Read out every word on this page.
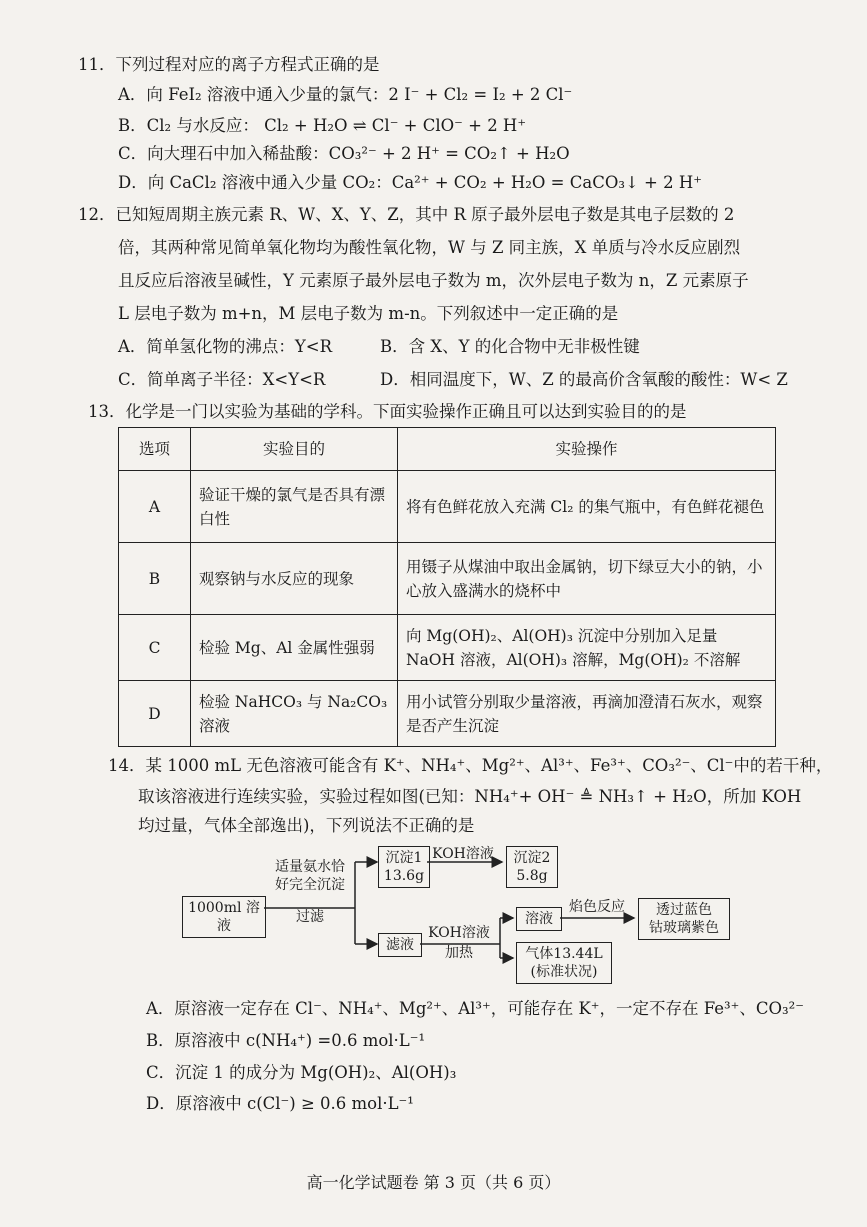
11．下列过程对应的离子方程式正确的是
A．向 FeI₂ 溶液中通入少量的氯气：2 I⁻ + Cl₂ = I₂ + 2 Cl⁻
B．Cl₂ 与水反应： Cl₂ + H₂O ⇌ Cl⁻ + ClO⁻ + 2 H⁺
C．向大理石中加入稀盐酸：CO₃²⁻ + 2 H⁺ = CO₂↑ + H₂O
D．向 CaCl₂ 溶液中通入少量 CO₂：Ca²⁺ + CO₂ + H₂O = CaCO₃↓ + 2 H⁺
12．已知短周期主族元素 R、W、X、Y、Z，其中 R 原子最外层电子数是其电子层数的 2
倍，其两种常见简单氧化物均为酸性氧化物，W 与 Z 同主族，X 单质与冷水反应剧烈
且反应后溶液呈碱性，Y 元素原子最外层电子数为 m，次外层电子数为 n，Z 元素原子
L 层电子数为 m+n，M 层电子数为 m-n。下列叙述中一定正确的是
A．简单氢化物的沸点：Y<R	B．含 X、Y 的化合物中无非极性键
C．简单离子半径：X<Y<R	D．相同温度下，W、Z 的最高价含氧酸的酸性：W< Z
13．化学是一门以实验为基础的学科。下面实验操作正确且可以达到实验目的的是
选项	实验目的	实验操作
A	验证干燥的氯气是否具有漂白性	将有色鲜花放入充满 Cl₂ 的集气瓶中，有色鲜花褪色
B	观察钠与水反应的现象	用镊子从煤油中取出金属钠，切下绿豆大小的钠，小心放入盛满水的烧杯中
C	检验 Mg、Al 金属性强弱	向 Mg(OH)₂、Al(OH)₃ 沉淀中分别加入足量 NaOH 溶液，Al(OH)₃ 溶解，Mg(OH)₂ 不溶解
D	检验 NaHCO₃ 与 Na₂CO₃ 溶液	用小试管分别取少量溶液，再滴加澄清石灰水，观察是否产生沉淀
14．某 1000 mL 无色溶液可能含有 K⁺、NH₄⁺、Mg²⁺、Al³⁺、Fe³⁺、CO₃²⁻、Cl⁻中的若干种，
取该溶液进行连续实验，实验过程如图(已知：NH₄⁺+ OH⁻ ≜ NH₃↑ + H₂O，所加 KOH
均过量，气体全部逸出)，下列说法不正确的是
1000ml 溶液
适量氨水恰
好完全沉淀
过滤
沉淀1
13.6g
KOH溶液 沉淀2
5.8g
滤液
KOH溶液
加热
溶液
焰色反应	透过蓝色
钴玻璃紫色
气体13.44L
(标准状况)
A．原溶液一定存在 Cl⁻、NH₄⁺、Mg²⁺、Al³⁺，可能存在 K⁺，一定不存在 Fe³⁺、CO₃²⁻
B．原溶液中 c(NH₄⁺) =0.6 mol·L⁻¹
C．沉淀 1 的成分为 Mg(OH)₂、Al(OH)₃
D．原溶液中 c(Cl⁻) ≥ 0.6 mol·L⁻¹
高一化学试题卷 第 3 页（共 6 页）
